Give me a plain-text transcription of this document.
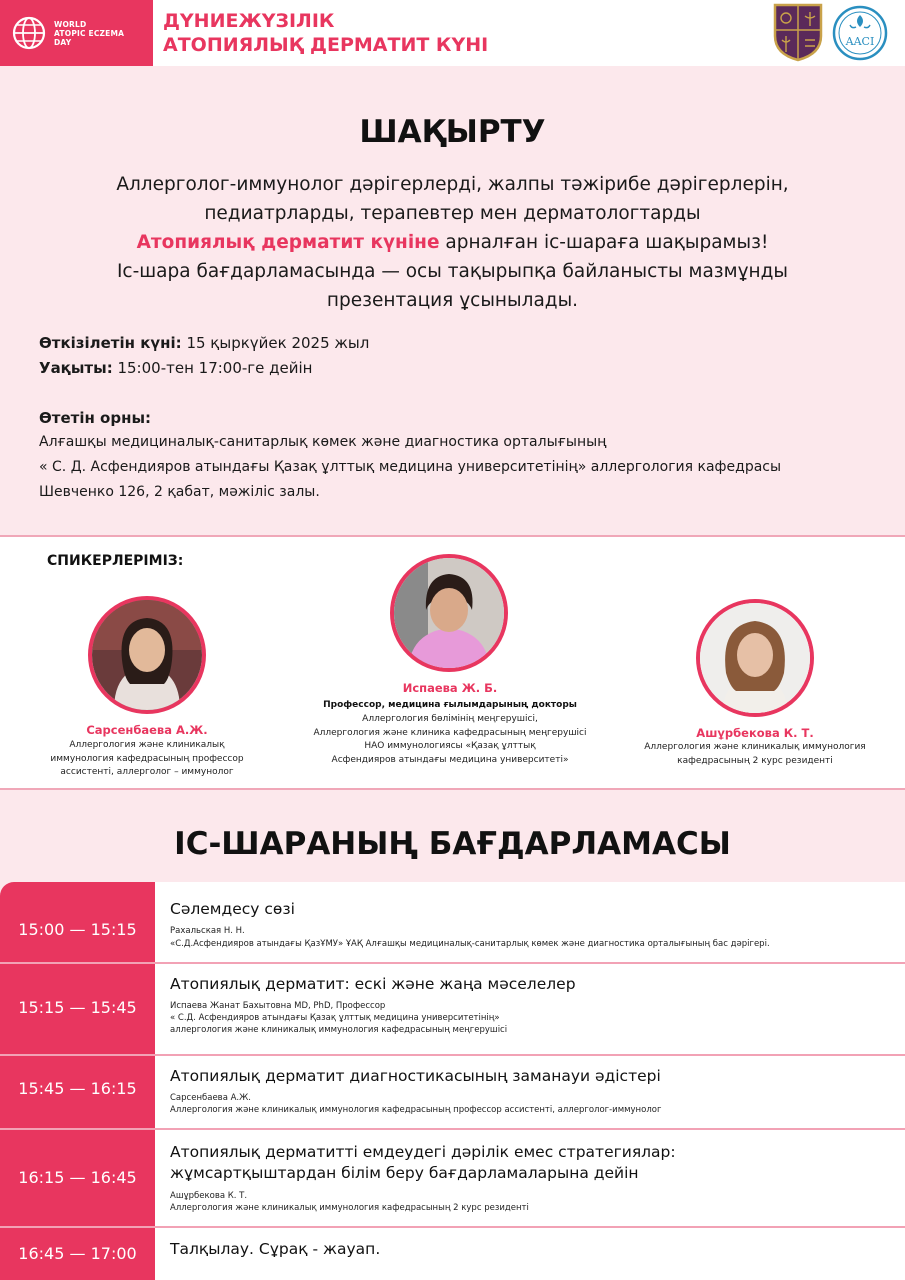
WORLD
ATOPIC ECZEMA
DAY
ДҮНИЕЖҮЗІЛІК
АТОПИЯЛЫҚ ДЕРМАТИТ КҮНІ	AACI
ШАҚЫРТУ
Аллерголог-иммунолог дәрігерлерді, жалпы тәжірибе дәрігерлерін,
педиатрларды, терапевтер мен дерматологтарды
Атопиялық дерматит күніне арналған іс-шараға шақырамыз!
Іс-шара бағдарламасында — осы тақырыпқа байланысты мазмұнды
презентация ұсынылады.
Өткізілетін күні: 15 қыркүйек 2025 жыл
Уақыты: 15:00-тен 17:00-ге дейін
Өтетін орны:
Алғашқы медициналық-санитарлық көмек және диагностика орталығының
« С. Д. Асфендияров атындағы Қазақ ұлттық медицина университетінің» аллергология кафедрасы
Шевченко 126, 2 қабат, мәжіліс залы.
СПИКЕРЛЕРІМІЗ:
Сарсенбаева А.Ж.
Аллергология және клиникалық
иммунология кафедрасының профессор
ассистенті, аллерголог – иммунолог
Испаева Ж. Б.
Профессор, медицина ғылымдарының докторы
Аллергология бөлімінің меңгерушісі,
Аллергология және клиника кафедрасының меңгерушісі
НАО иммунологиясы «Қазақ ұлттық
Асфендияров атындағы медицина университеті»
Ашұрбекова К. Т.
Аллергология және клиникалық иммунология
кафедрасының 2 курс резиденті
ІС-ШАРАНЫҢ БАҒДАРЛАМАСЫ
15:00 — 15:15
15:15 — 15:45
15:45 — 16:15
16:15 — 16:45
16:45 — 17:00
Сәлемдесу сөзі
Рахальская Н. Н.
«С.Д.Асфендияров атындағы ҚазҰМУ» ҰАҚ Алғашқы медициналық-санитарлық көмек және диагностика орталығының бас дәрігері.
Атопиялық дерматит: ескі және жаңа мәселелер
Испаева Жанат Бахытовна MD, PhD, Профессор
« С.Д. Асфендияров атындағы Қазақ ұлттық медицина университетінің»
аллергология және клиникалық иммунология кафедрасының меңгерушісі
Атопиялық дерматит диагностикасының заманауи әдістері
Сарсенбаева А.Ж.
Аллергология және клиникалық иммунология кафедрасының профессор ассистенті, аллерголог-иммунолог
Атопиялық дерматитті емдеудегі дәрілік емес стратегиялар:
жұмсартқыштардан білім беру бағдарламаларына дейін
Ашұрбекова К. Т.
Аллергология және клиникалық иммунология кафедрасының 2 курс резиденті
Талқылау. Сұрақ - жауап.
